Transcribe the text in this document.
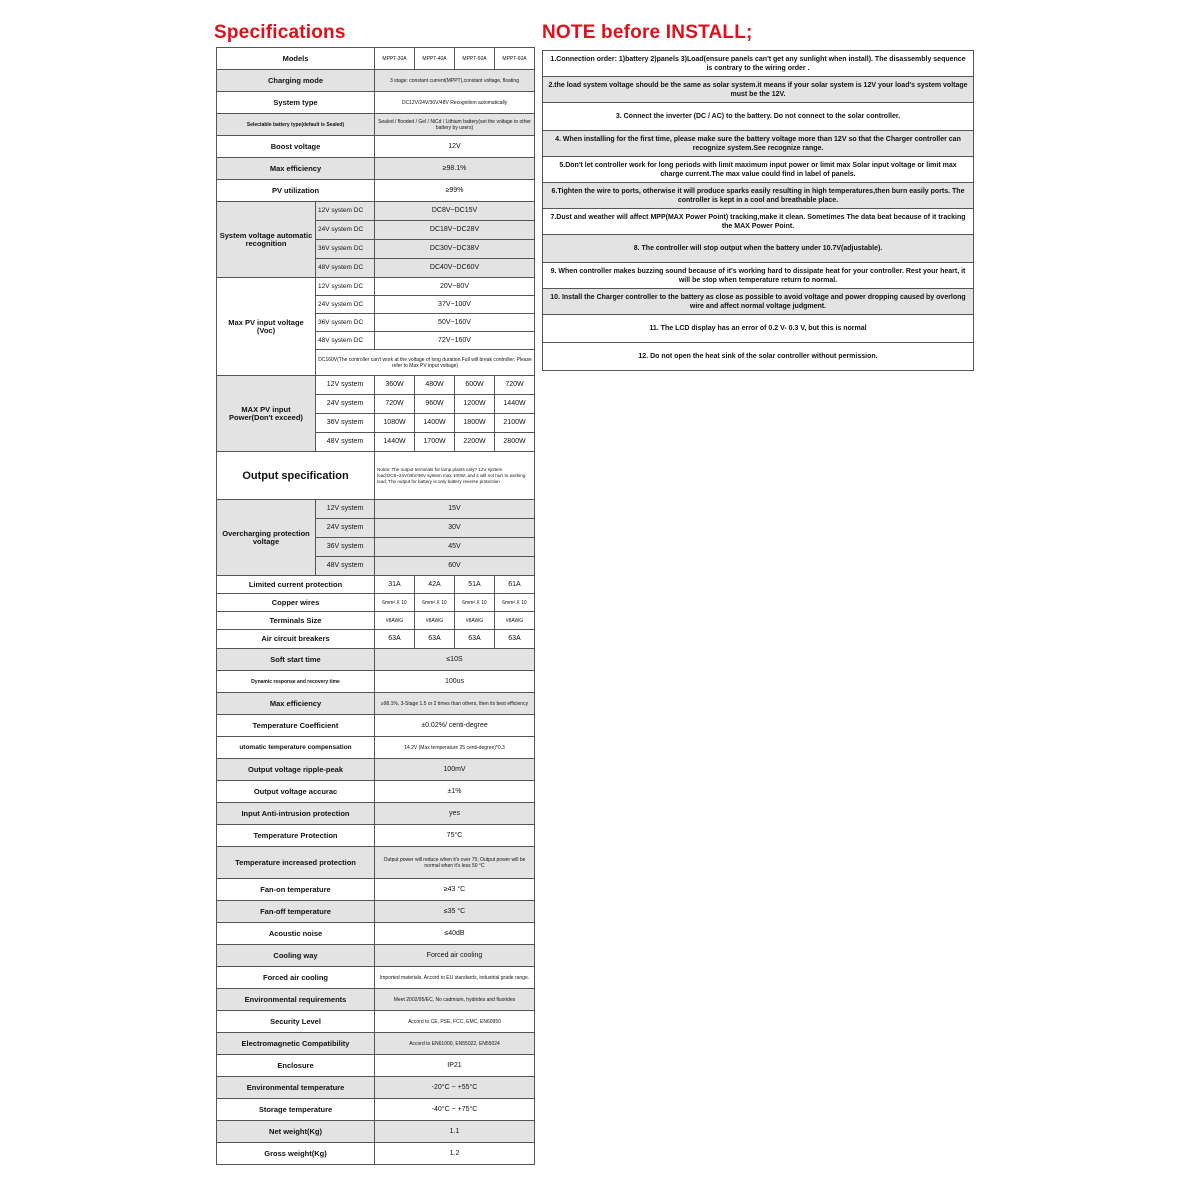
Specifications	NOTE before INSTALL;
Models		MPPT-30A	MPPT-40A	MPPT-50A	MPPT-60A
Charging mode		3 stage: constant current(MPPT),constant voltage, floating			
System type		DC12V/24V/36V/48V Recognition automatically			
Selectable battery type(default is Sealed)		Sealed / flooded / Gel / NiCd / Lithium battery(set the voltage to other battery by users)			
Boost voltage		12V			
Max efficiency		≥98.1%			
PV utilization		≥99%			
System voltage automatic recognition	12V system DC	DC8V~DC15V			
	24V system DC	DC18V~DC28V			
	36V system DC	DC30V~DC38V			
	48V system DC	DC40V~DC60V			
Max PV input voltage (Voc)	12V system DC	20V~80V			
	24V system DC	37V~100V			
	36V system DC	50V~160V			
	48V system DC	72V~160V			
	DC160V(The controller can't work at the voltage of long duration.Full will break controller. Please refer to Max PV input voltage)				
MAX PV input Power(Don't exceed)	12V system	360W	480W	600W	720W
	24V system	720W	960W	1200W	1440W
	36V system	1080W	1400W	1800W	2100W
	48V system	1440W	1700W	2200W	2800W
Output specification		Notes: The output terminals for lamp plants only? 12V system load:DC8~24V/36V/48V system max 100W; and it will not hurt to working load; The output for battery is only battery reverse protection			
Overcharging protection voltage	12V system	15V			
	24V system	30V			
	36V system	45V			
	48V system	60V			
Limited current protection		31A	42A	51A	61A
Copper wires		6mm² X 10	6mm² X 10	6mm² X 10	6mm² X 10
Terminals Size		#8AWG	#8AWG	#8AWG	#8AWG
Air circuit breakers		63A	63A	63A	63A
Soft start time		≤10S			
Dynamic response and recovery time		100us			
Max efficiency		≥98.1%, 3-Stage 1.5 or 2 times than others, then its best efficiency			
Temperature Coefficient		±0.02%/ centi-degree			
utomatic temperature compensation		14.2V (Max temperature 25 centi-degree)*0.3			
Output voltage ripple-peak		100mV			
Output voltage accurac		±1%			
Input Anti-intrusion protection		yes			
Temperature Protection		75°C			
Temperature increased protection		Output power will reduce when it's over 75; Output power will be normal when it's less 50 °C			
Fan-on temperature		≥43 °C			
Fan-off temperature		≤35 °C			
Acoustic noise		≤40dB			
Cooling way		Forced air cooling			
Forced air cooling		Imported materials, Accord to EU standards, industrial grade range.			
Environmental requirements		Meet 2002/95/EC, No cadmium, hydrides and fluorides			
Security Level		Accord to CE, PSE, FCC, EMC, EN60950			
Electromagnetic Compatibility		Accord to EN61000, EN55022, EN55024			
Enclosure		IP21			
Environmental temperature		-20°C ~ +55°C			
Storage temperature		-40°C ~ +75°C			
Net weight(Kg)		1.1			
Gross weight(Kg)		1.2			
1.Connection order: 1)battery 2)panels 3)Load(ensure panels can't get any sunlight when install). The disassembly sequence is contrary to the wiring order .
2.the load system voltage should be the same as solar system.it means if your solar system is 12V your load's system voltage must be the 12V.
3. Connect the inverter (DC / AC) to the battery. Do not connect to the solar controller.
4. When installing for the first time, please make sure the battery voltage more than 12V so that the Charger controller can recognize system.See recognize range.
5.Don't let controller work for long periods with limit maximum input power or limit max Solar input voltage or limit max charge current.The max value could find in label of panels.
6.Tighten the wire to ports, otherwise it will produce sparks easily resulting in high temperatures,then burn easily ports. The controller is kept in a cool and breathable place.
7.Dust and weather will affect MPP(MAX Power Point) tracking,make it clean. Sometimes The data beat because of it tracking the MAX Power Point.
8. The controller will stop output when the battery under 10.7V(adjustable).
9. When controller makes buzzing sound because of it's working hard to dissipate heat for your controller. Rest your heart, it will be stop when temperature return to normal.
10. Install the Charger controller to the battery as close as possible to avoid voltage and power dropping caused by overlong wire and affect normal voltage judgment.
11. The LCD display has an error of 0.2 V- 0.3 V, but this is normal
12. Do not open the heat sink of the solar controller without permission.
